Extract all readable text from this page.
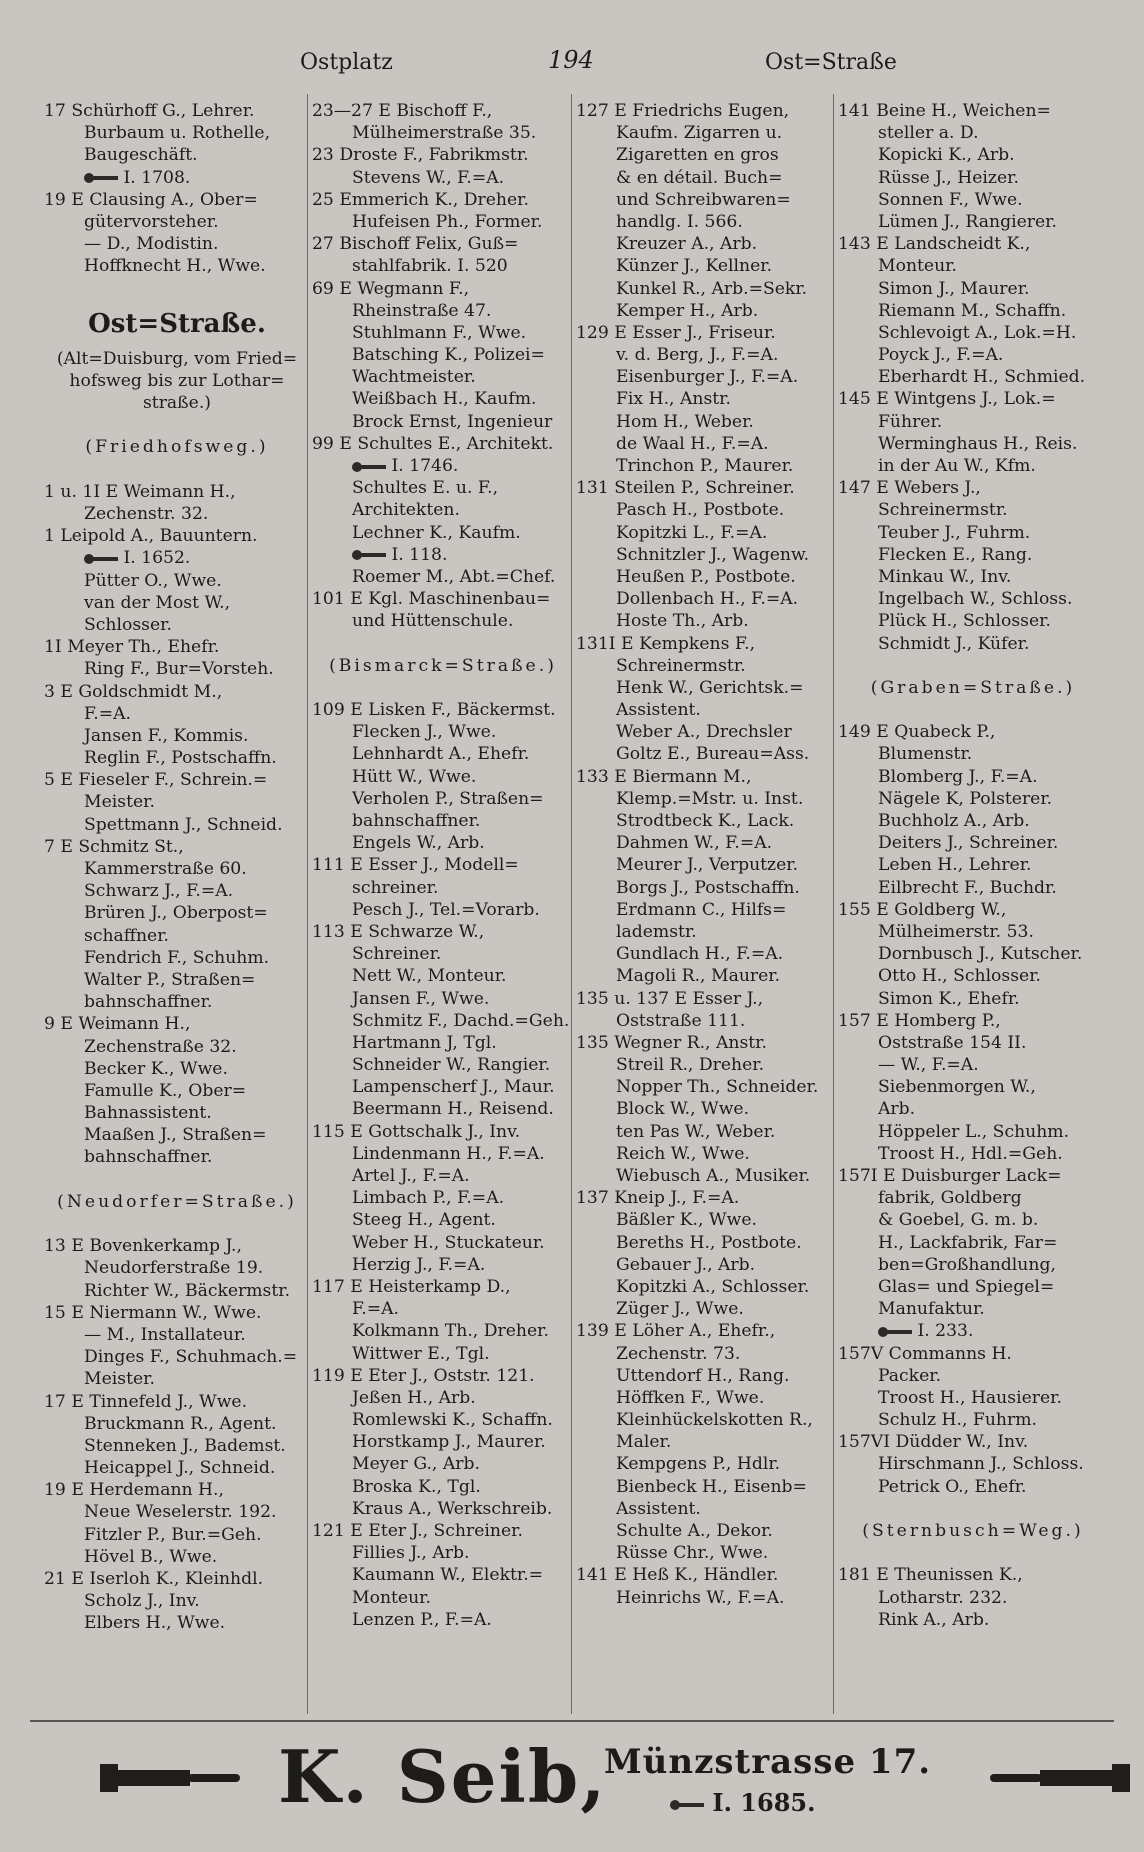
Ostplatz	194	Ost=Straße
17 Schürhoff G., Lehrer.
Burbaum u. Rothelle,
Baugeschäft.
I. 1708.
19 E Clausing A., Ober=
gütervorsteher.
— D., Modistin.
Hoffknecht H., Wwe.
Ost=Straße.
(Alt=Duisburg, vom Fried=
hofsweg bis zur Lothar=
straße.)
(Friedhofsweg.)
1 u. 1I E Weimann H.,
Zechenstr. 32.
1 Leipold A., Bauuntern.
I. 1652.
Pütter O., Wwe.
van der Most W.,
Schlosser.
1I Meyer Th., Ehefr.
Ring F., Bur=Vorsteh.
3 E Goldschmidt M.,
F.=A.
Jansen F., Kommis.
Reglin F., Postschaffn.
5 E Fieseler F., Schrein.=
Meister.
Spettmann J., Schneid.
7 E Schmitz St.,
Kammerstraße 60.
Schwarz J., F.=A.
Brüren J., Oberpost=
schaffner.
Fendrich F., Schuhm.
Walter P., Straßen=
bahnschaffner.
9 E Weimann H.,
Zechenstraße 32.
Becker K., Wwe.
Famulle K., Ober=
Bahnassistent.
Maaßen J., Straßen=
bahnschaffner.
(Neudorfer=Straße.)
13 E Bovenkerkamp J.,
Neudorferstraße 19.
Richter W., Bäckermstr.
15 E Niermann W., Wwe.
— M., Installateur.
Dinges F., Schuhmach.=
Meister.
17 E Tinnefeld J., Wwe.
Bruckmann R., Agent.
Stenneken J., Bademst.
Heicappel J., Schneid.
19 E Herdemann H.,
Neue Weselerstr. 192.
Fitzler P., Bur.=Geh.
Hövel B., Wwe.
21 E Iserloh K., Kleinhdl.
Scholz J., Inv.
Elbers H., Wwe.
23—27 E Bischoff F.,
Mülheimerstraße 35.
23 Droste F., Fabrikmstr.
Stevens W., F.=A.
25 Emmerich K., Dreher.
Hufeisen Ph., Former.
27 Bischoff Felix, Guß=
stahlfabrik. I. 520
69 E Wegmann F.,
Rheinstraße 47.
Stuhlmann F., Wwe.
Batsching K., Polizei=
Wachtmeister.
Weißbach H., Kaufm.
Brock Ernst, Ingenieur
99 E Schultes E., Architekt.
I. 1746.
Schultes E. u. F.,
Architekten.
Lechner K., Kaufm.
I. 118.
Roemer M., Abt.=Chef.
101 E Kgl. Maschinenbau=
und Hüttenschule.
(Bismarck=Straße.)
109 E Lisken F., Bäckermst.
Flecken J., Wwe.
Lehnhardt A., Ehefr.
Hütt W., Wwe.
Verholen P., Straßen=
bahnschaffner.
Engels W., Arb.
111 E Esser J., Modell=
schreiner.
Pesch J., Tel.=Vorarb.
113 E Schwarze W.,
Schreiner.
Nett W., Monteur.
Jansen F., Wwe.
Schmitz F., Dachd.=Geh.
Hartmann J, Tgl.
Schneider W., Rangier.
Lampenscherf J., Maur.
Beermann H., Reisend.
115 E Gottschalk J., Inv.
Lindenmann H., F.=A.
Artel J., F.=A.
Limbach P., F.=A.
Steeg H., Agent.
Weber H., Stuckateur.
Herzig J., F.=A.
117 E Heisterkamp D.,
F.=A.
Kolkmann Th., Dreher.
Wittwer E., Tgl.
119 E Eter J., Oststr. 121.
Jeßen H., Arb.
Romlewski K., Schaffn.
Horstkamp J., Maurer.
Meyer G., Arb.
Broska K., Tgl.
Kraus A., Werkschreib.
121 E Eter J., Schreiner.
Fillies J., Arb.
Kaumann W., Elektr.=
Monteur.
Lenzen P., F.=A.
127 E Friedrichs Eugen,
Kaufm. Zigarren u.
Zigaretten en gros
& en détail. Buch=
und Schreibwaren=
handlg. I. 566.
Kreuzer A., Arb.
Künzer J., Kellner.
Kunkel R., Arb.=Sekr.
Kemper H., Arb.
129 E Esser J., Friseur.
v. d. Berg, J., F.=A.
Eisenburger J., F.=A.
Fix H., Anstr.
Hom H., Weber.
de Waal H., F.=A.
Trinchon P., Maurer.
131 Steilen P., Schreiner.
Pasch H., Postbote.
Kopitzki L., F.=A.
Schnitzler J., Wagenw.
Heußen P., Postbote.
Dollenbach H., F.=A.
Hoste Th., Arb.
131I E Kempkens F.,
Schreinermstr.
Henk W., Gerichtsk.=
Assistent.
Weber A., Drechsler
Goltz E., Bureau=Ass.
133 E Biermann M.,
Klemp.=Mstr. u. Inst.
Strodtbeck K., Lack.
Dahmen W., F.=A.
Meurer J., Verputzer.
Borgs J., Postschaffn.
Erdmann C., Hilfs=
lademstr.
Gundlach H., F.=A.
Magoli R., Maurer.
135 u. 137 E Esser J.,
Oststraße 111.
135 Wegner R., Anstr.
Streil R., Dreher.
Nopper Th., Schneider.
Block W., Wwe.
ten Pas W., Weber.
Reich W., Wwe.
Wiebusch A., Musiker.
137 Kneip J., F.=A.
Bäßler K., Wwe.
Bereths H., Postbote.
Gebauer J., Arb.
Kopitzki A., Schlosser.
Züger J., Wwe.
139 E Löher A., Ehefr.,
Zechenstr. 73.
Uttendorf H., Rang.
Höffken F., Wwe.
Kleinhückelskotten R.,
Maler.
Kempgens P., Hdlr.
Bienbeck H., Eisenb=
Assistent.
Schulte A., Dekor.
Rüsse Chr., Wwe.
141 E Heß K., Händler.
Heinrichs W., F.=A.
141 Beine H., Weichen=
steller a. D.
Kopicki K., Arb.
Rüsse J., Heizer.
Sonnen F., Wwe.
Lümen J., Rangierer.
143 E Landscheidt K.,
Monteur.
Simon J., Maurer.
Riemann M., Schaffn.
Schlevoigt A., Lok.=H.
Poyck J., F.=A.
Eberhardt H., Schmied.
145 E Wintgens J., Lok.=
Führer.
Werminghaus H., Reis.
in der Au W., Kfm.
147 E Webers J.,
Schreinermstr.
Teuber J., Fuhrm.
Flecken E., Rang.
Minkau W., Inv.
Ingelbach W., Schloss.
Plück H., Schlosser.
Schmidt J., Küfer.
(Graben=Straße.)
149 E Quabeck P.,
Blumenstr.
Blomberg J., F.=A.
Nägele K, Polsterer.
Buchholz A., Arb.
Deiters J., Schreiner.
Leben H., Lehrer.
Eilbrecht F., Buchdr.
155 E Goldberg W.,
Mülheimerstr. 53.
Dornbusch J., Kutscher.
Otto H., Schlosser.
Simon K., Ehefr.
157 E Homberg P.,
Oststraße 154 II.
— W., F.=A.
Siebenmorgen W.,
Arb.
Höppeler L., Schuhm.
Troost H., Hdl.=Geh.
157I E Duisburger Lack=
fabrik, Goldberg
& Goebel, G. m. b.
H., Lackfabrik, Far=
ben=Großhandlung,
Glas= und Spiegel=
Manufaktur.
I. 233.
157V Commanns H.
Packer.
Troost H., Hausierer.
Schulz H., Fuhrm.
157VI Düdder W., Inv.
Hirschmann J., Schloss.
Petrick O., Ehefr.
(Sternbusch=Weg.)
181 E Theunissen K.,
Lotharstr. 232.
Rink A., Arb.
K. Seib,
Münzstrasse 17.
I. 1685.
